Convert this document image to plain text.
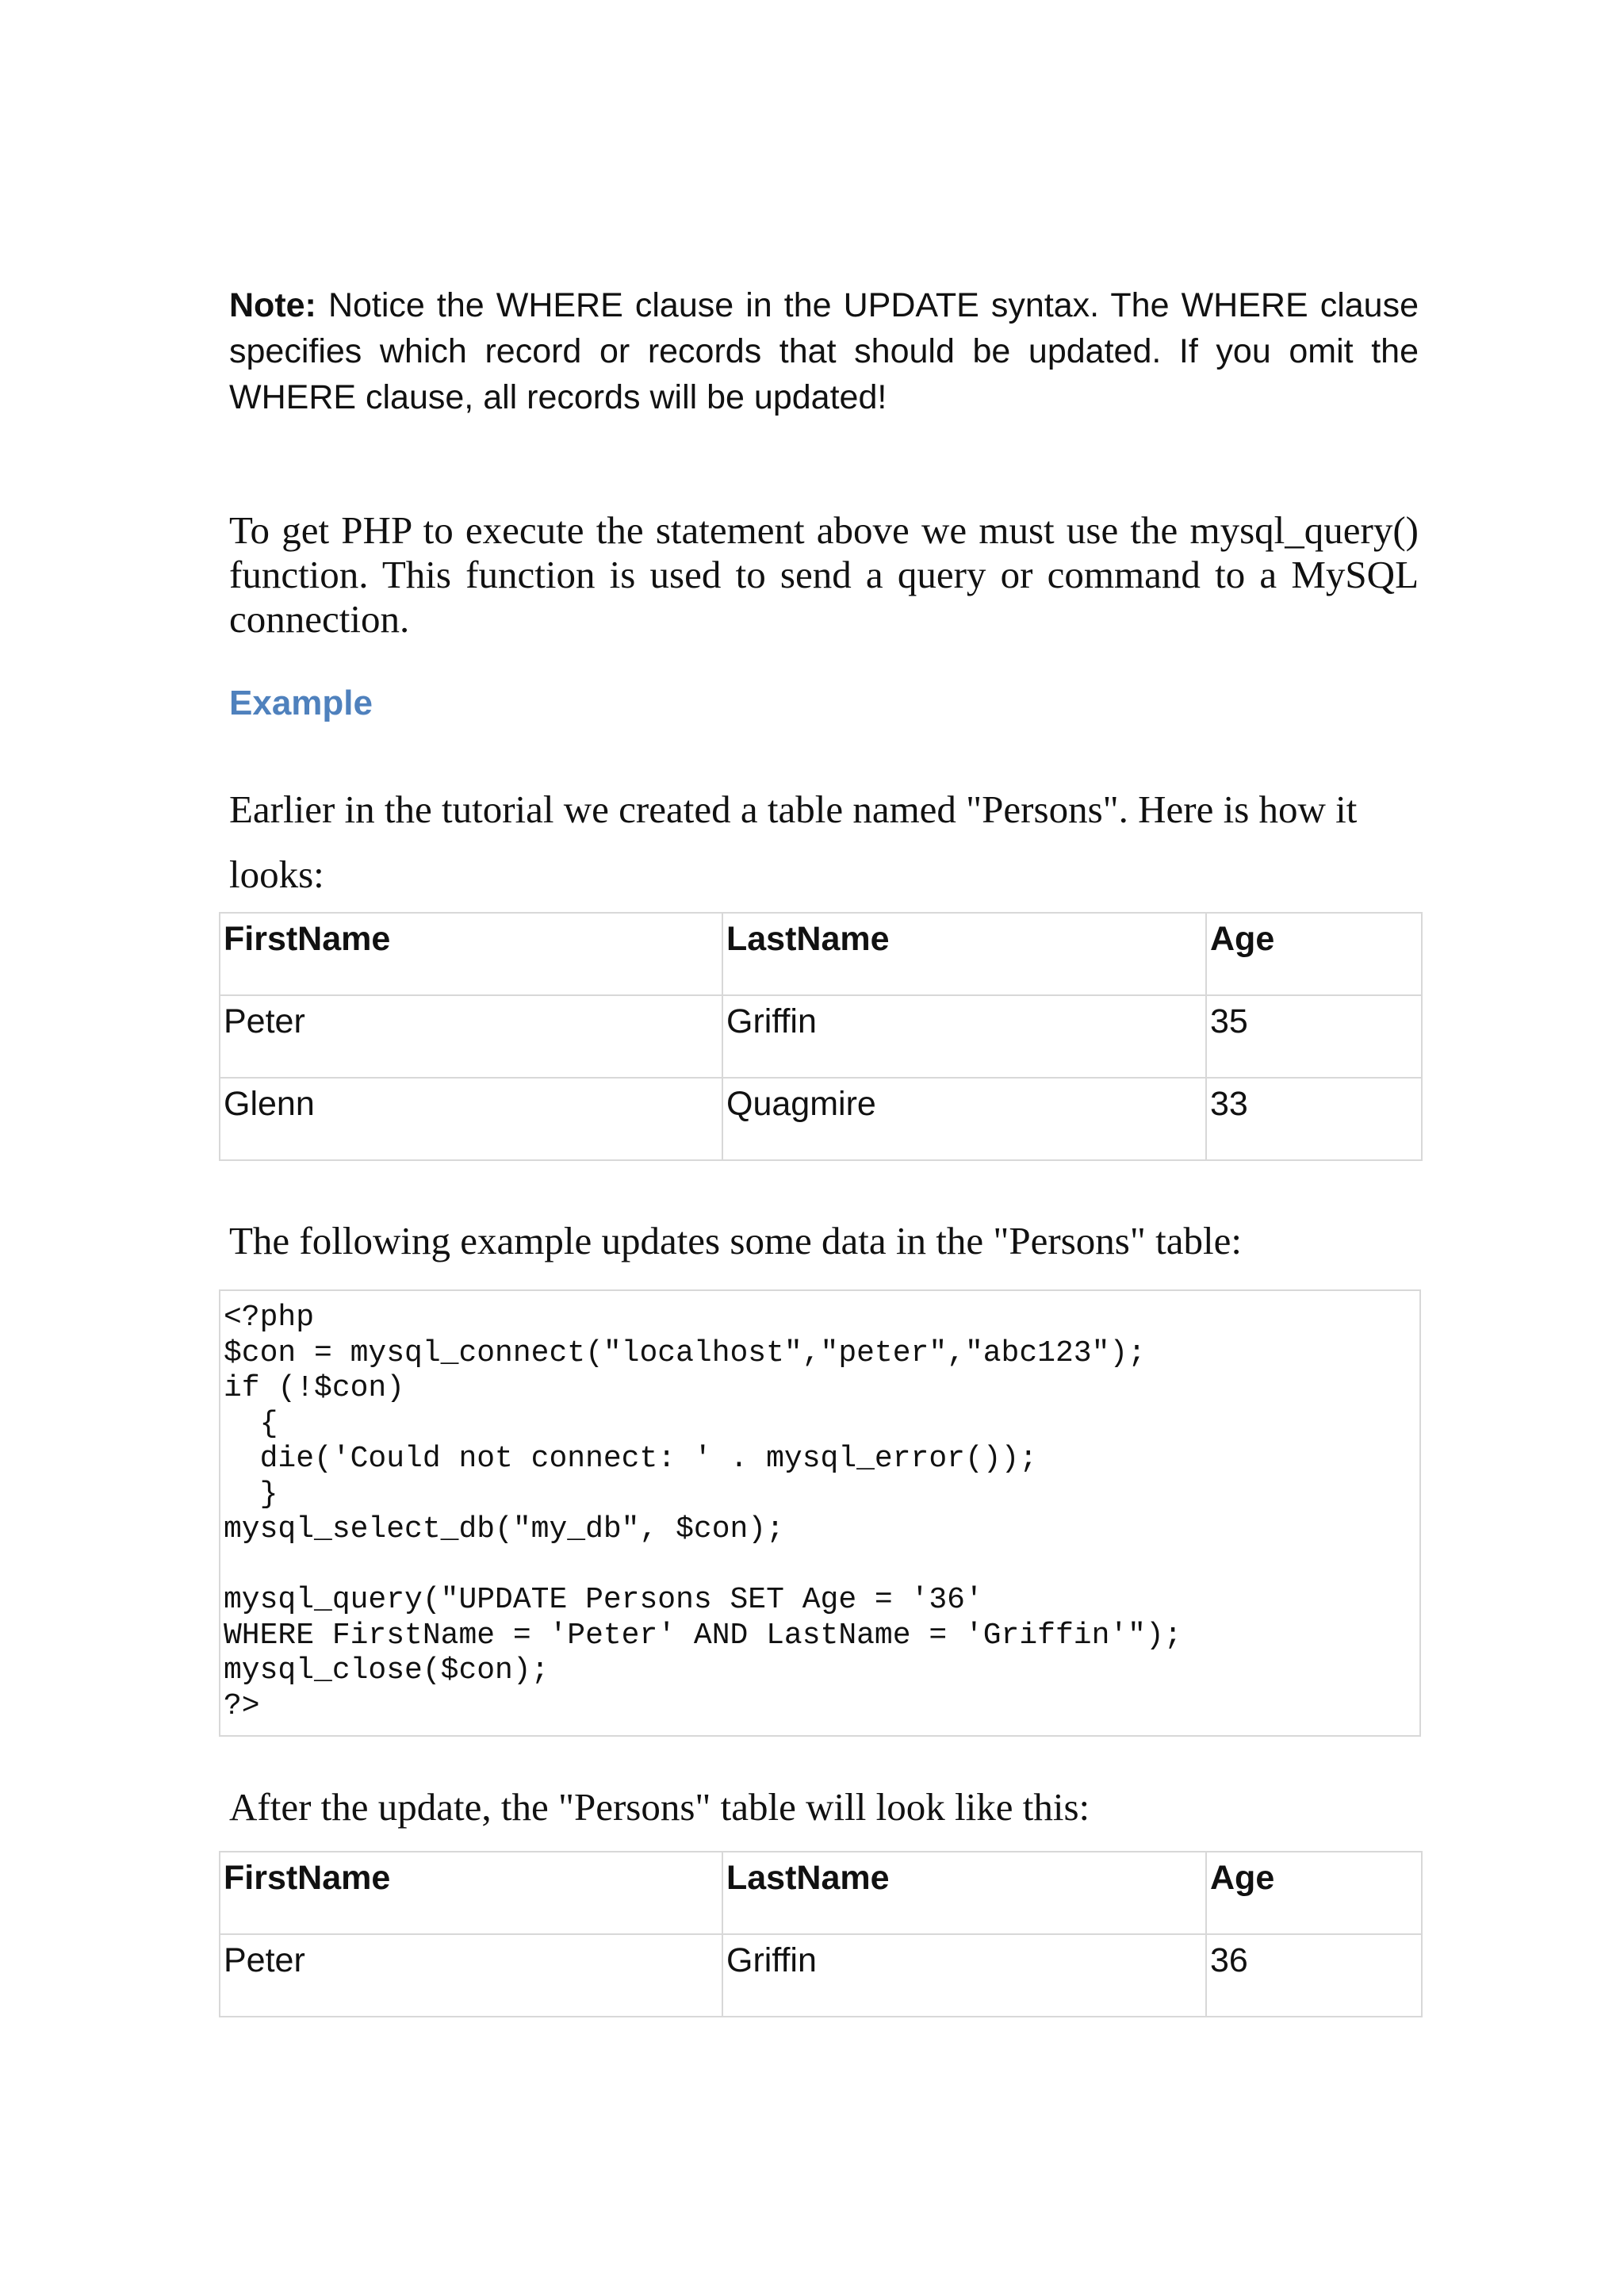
Note: Notice the WHERE clause in the UPDATE syntax. The WHERE clause specifies which record or records that should be updated. If you omit the WHERE clause, all records will be updated!
To get PHP to execute the statement above we must use the mysql_query() function. This function is used to send a query or command to a MySQL connection.
Example
Earlier in the tutorial we created a table named "Persons". Here is how it looks:
FirstName	LastName	Age
Peter	Griffin	35
Glenn	Quagmire	33
The following example updates some data in the "Persons" table:
<?php
$con = mysql_connect("localhost","peter","abc123");
if (!$con)
{
die('Could not connect: ' . mysql_error());
}
mysql_select_db("my_db", $con);

mysql_query("UPDATE Persons SET Age = '36'
WHERE FirstName = 'Peter' AND LastName = 'Griffin'");
mysql_close($con);
?>
After the update, the "Persons" table will look like this:
FirstName	LastName	Age
Peter	Griffin	36
